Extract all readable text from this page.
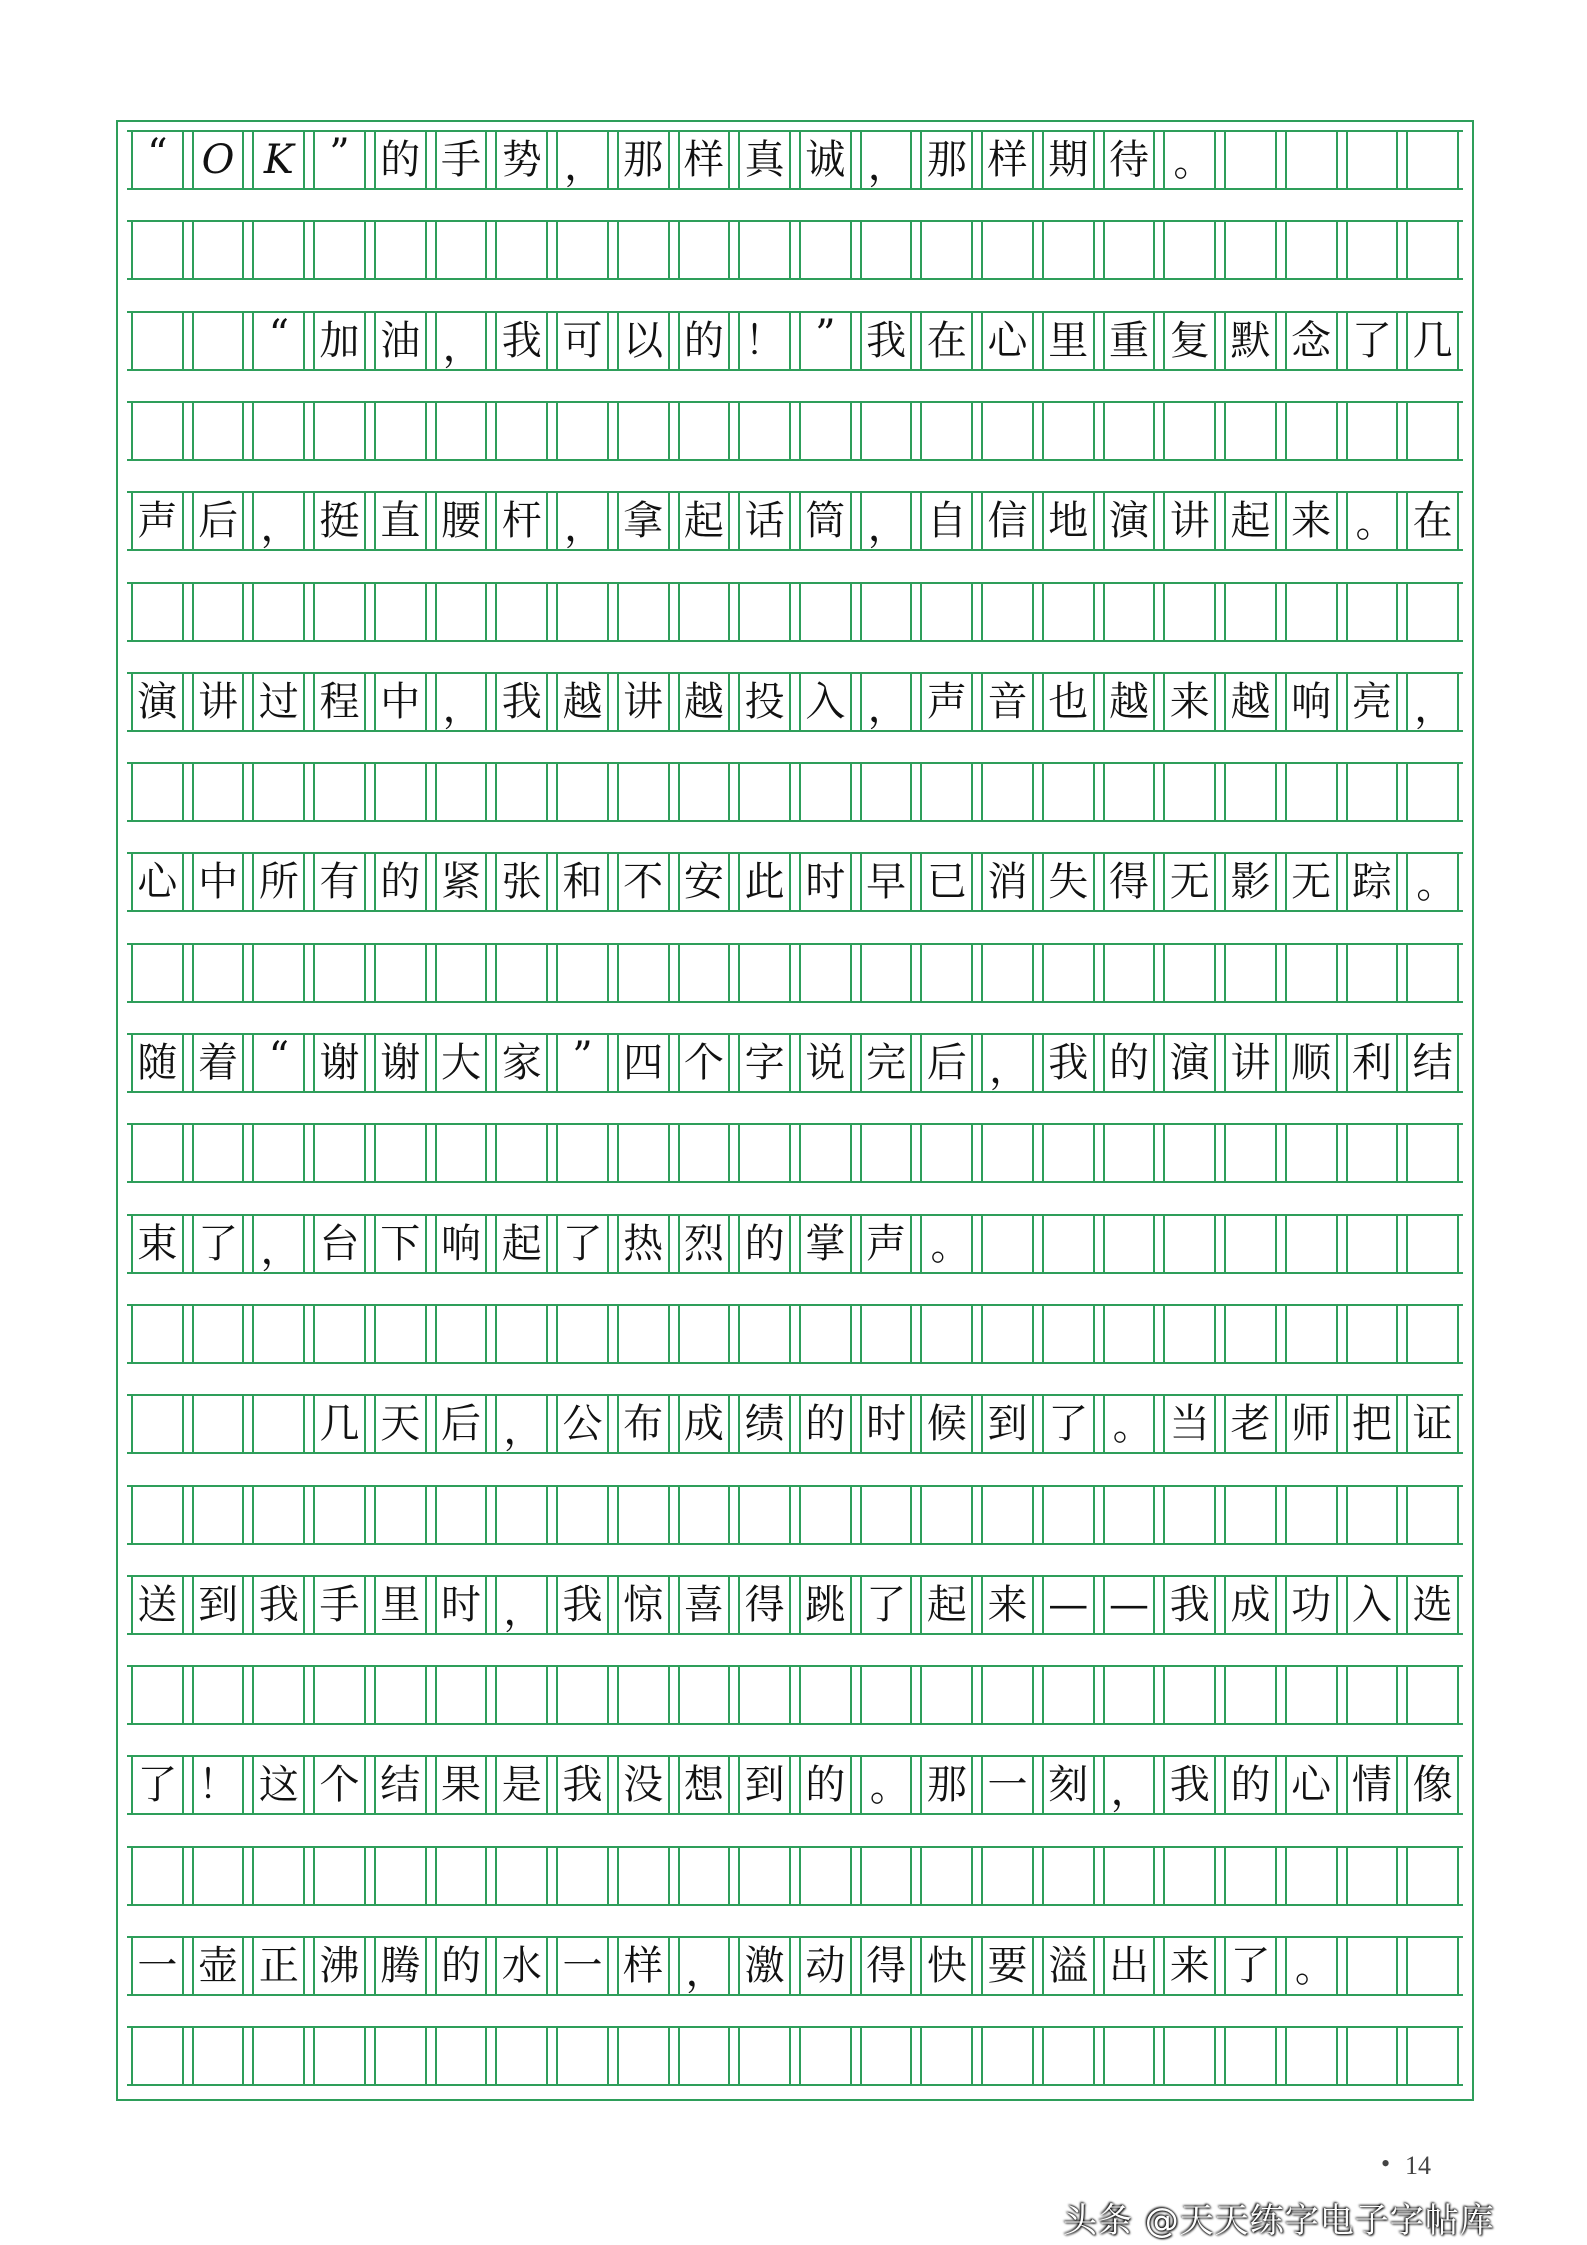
“ O K ” 的 手 势 ， 那 样 真 诚 ， 那 样 期 待 。
“ 加 油 ， 我 可 以 的 ！ ” 我 在 心 里 重 复 默 念 了 几
声 后 ， 挺 直 腰 杆 ， 拿 起 话 筒 ， 自 信 地 演 讲 起 来 。 在
演 讲 过 程 中 ， 我 越 讲 越 投 入 ， 声 音 也 越 来 越 响 亮 ，
心 中 所 有 的 紧 张 和 不 安 此 时 早 已 消 失 得 无 影 无 踪 。
随 着 “ 谢 谢 大 家 ” 四 个 字 说 完 后 ， 我 的 演 讲 顺 利 结
束 了 ， 台 下 响 起 了 热 烈 的 掌 声 。
几 天 后 ， 公 布 成 绩 的 时 候 到 了 。 当 老 师 把 证
送 到 我 手 里 时 ， 我 惊 喜 得 跳 了 起 来 — — 我 成 功 入 选
了 ！ 这 个 结 果 是 我 没 想 到 的 。 那 一 刻 ， 我 的 心 情 像
一 壶 正 沸 腾 的 水 一 样 ， 激 动 得 快 要 溢 出 来 了 。
• 14
头条 @天天练字电子字帖库
